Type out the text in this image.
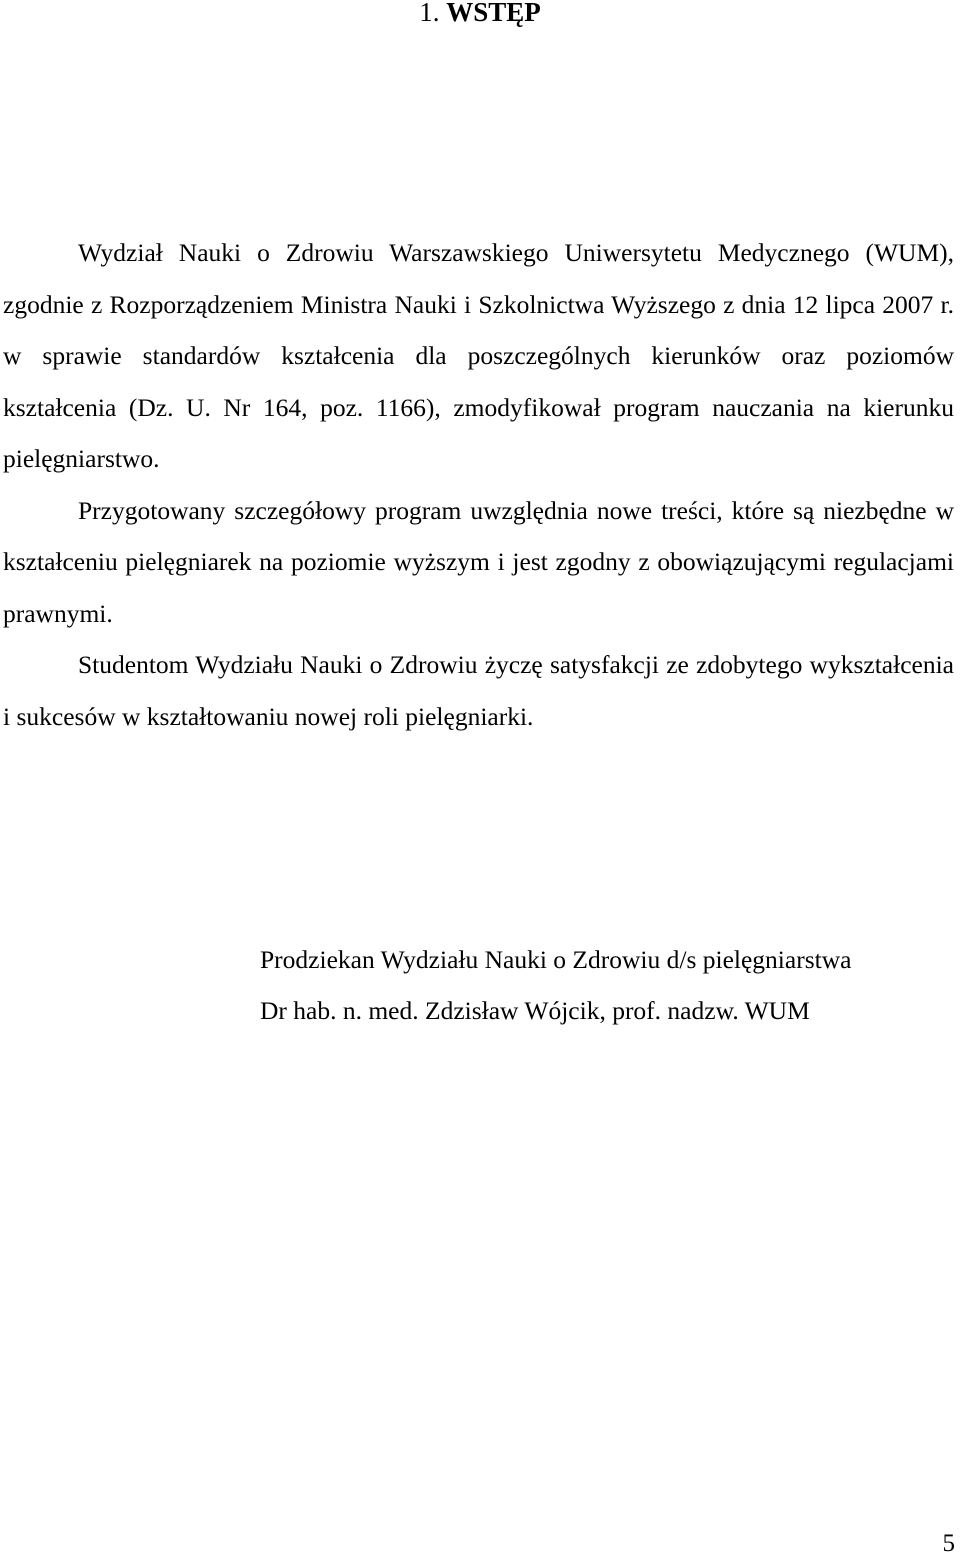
1. WSTĘP

Wydział Nauki o Zdrowiu Warszawskiego Uniwersytetu Medycznego (WUM), zgodnie z Rozporządzeniem Ministra Nauki i Szkolnictwa Wyższego z dnia 12 lipca 2007 r. w sprawie standardów kształcenia dla poszczególnych kierunków oraz poziomów kształcenia (Dz. U. Nr 164, poz. 1166), zmodyfikował program nauczania na kierunku pielęgniarstwo.

Przygotowany szczegółowy program uwzględnia nowe treści, które są niezbędne w kształceniu pielęgniarek na poziomie wyższym i jest zgodny z obowiązującymi regulacjami prawnymi.

Studentom Wydziału Nauki o Zdrowiu życzę satysfakcji ze zdobytego wykształcenia i sukcesów w kształtowaniu nowej roli pielęgniarki.

Prodziekan Wydziału Nauki o Zdrowiu d/s pielęgniarstwa
Dr hab. n. med. Zdzisław Wójcik, prof. nadzw. WUM
5
